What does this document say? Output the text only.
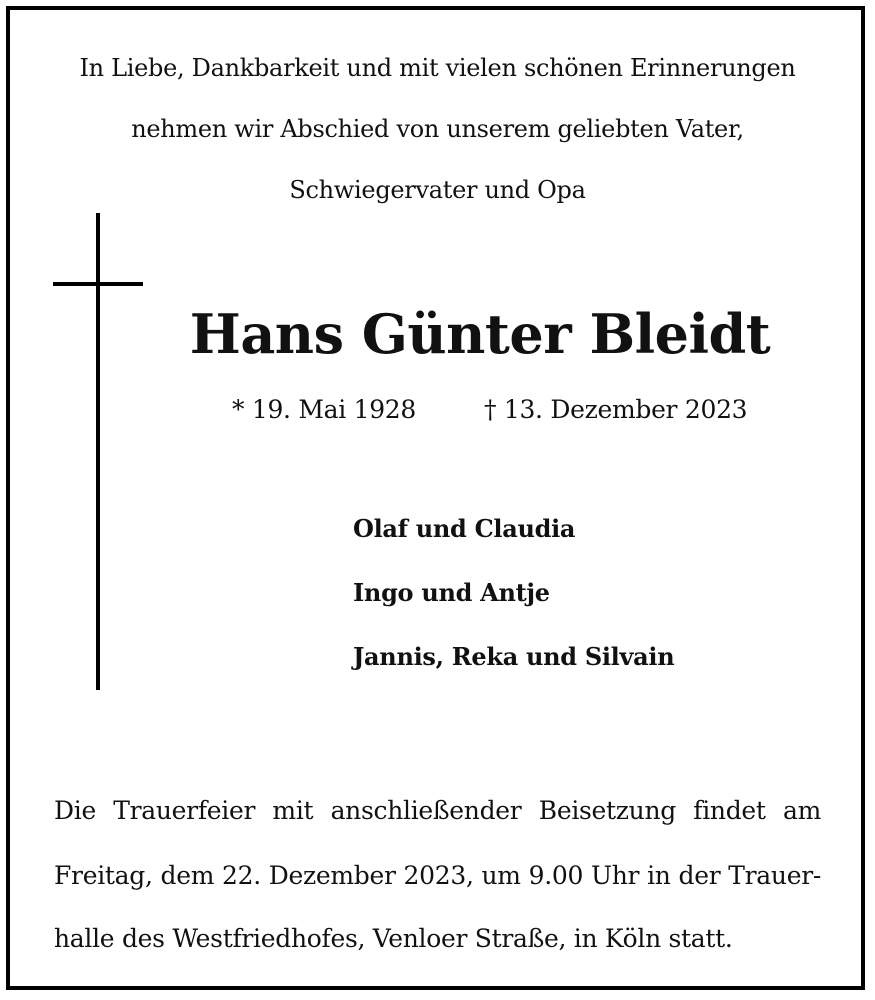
In Liebe, Dankbarkeit und mit vielen schönen Erinnerungen
nehmen wir Abschied von unserem geliebten Vater,
Schwiegervater und Opa
Hans Günter Bleidt
* 19. Mai 1928	† 13. Dezember 2023
Olaf und Claudia
Ingo und Antje
Jannis, Reka und Silvain
Die Trauerfeier mit anschließender Beisetzung findet am
Freitag, dem 22. Dezember 2023, um 9.00 Uhr in der Trauer-
halle des Westfriedhofes, Venloer Straße, in Köln statt.
